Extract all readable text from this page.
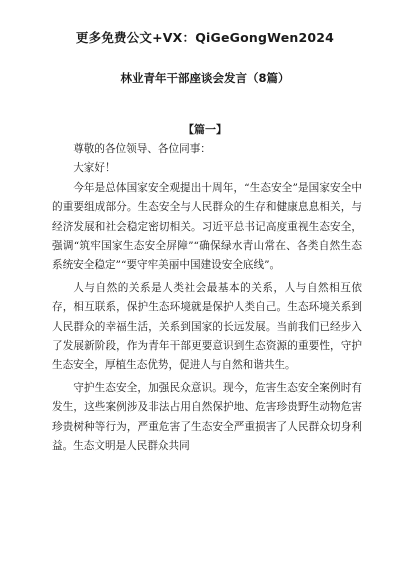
更多免费公文+VX：QiGeGongWen2024
林业青年干部座谈会发言（8篇）
【篇一】

尊敬的各位领导、各位同事：

大家好！

今年是总体国家安全观提出十周年，“生态安全”是国家安全中的重要组成部分。生态安全与人民群众的生存和健康息息相关，与经济发展和社会稳定密切相关。习近平总书记高度重视生态安全，强调“筑牢国家生态安全屏障”“确保绿水青山常在、各类自然生态系统安全稳定”“要守牢美丽中国建设安全底线”。

人与自然的关系是人类社会最基本的关系，人与自然相互依存，相互联系，保护生态环境就是保护人类自己。生态环境关系到人民群众的幸福生活，关系到国家的长远发展。当前我们已经步入了发展新阶段，作为青年干部更要意识到生态资源的重要性，守护生态安全，厚植生态优势，促进人与自然和谐共生。

守护生态安全，加强民众意识。现今，危害生态安全案例时有发生，这些案例涉及非法占用自然保护地、危害珍贵野生动物危害珍贵树种等行为，严重危害了生态安全严重损害了人民群众切身利益。生态文明是人民群众共同
